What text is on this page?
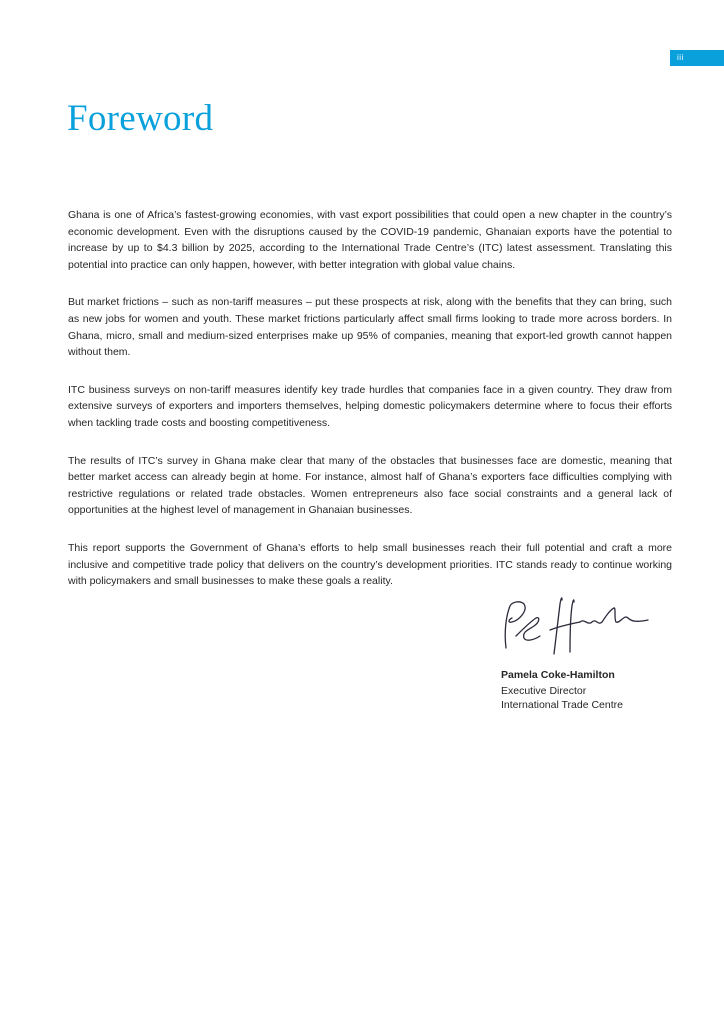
iii
Foreword

Ghana is one of Africa’s fastest-growing economies, with vast export possibilities that could open a new chapter in the country’s economic development. Even with the disruptions caused by the COVID-19 pandemic, Ghanaian exports have the potential to increase by up to $4.3 billion by 2025, according to the International Trade Centre’s (ITC) latest assessment. Translating this potential into practice can only happen, however, with better integration with global value chains.

But market frictions – such as non-tariff measures – put these prospects at risk, along with the benefits that they can bring, such as new jobs for women and youth. These market frictions particularly affect small firms looking to trade more across borders. In Ghana, micro, small and medium-sized enterprises make up 95% of companies, meaning that export-led growth cannot happen without them.

ITC business surveys on non-tariff measures identify key trade hurdles that companies face in a given country. They draw from extensive surveys of exporters and importers themselves, helping domestic policymakers determine where to focus their efforts when tackling trade costs and boosting competitiveness.

The results of ITC’s survey in Ghana make clear that many of the obstacles that businesses face are domestic, meaning that better market access can already begin at home. For instance, almost half of Ghana’s exporters face difficulties complying with restrictive regulations or related trade obstacles. Women entrepreneurs also face social constraints and a general lack of opportunities at the highest level of management in Ghanaian businesses.

This report supports the Government of Ghana’s efforts to help small businesses reach their full potential and craft a more inclusive and competitive trade policy that delivers on the country’s development priorities. ITC stands ready to continue working with policymakers and small businesses to make these goals a reality.

Pamela Coke-Hamilton
Executive Director
International Trade Centre
